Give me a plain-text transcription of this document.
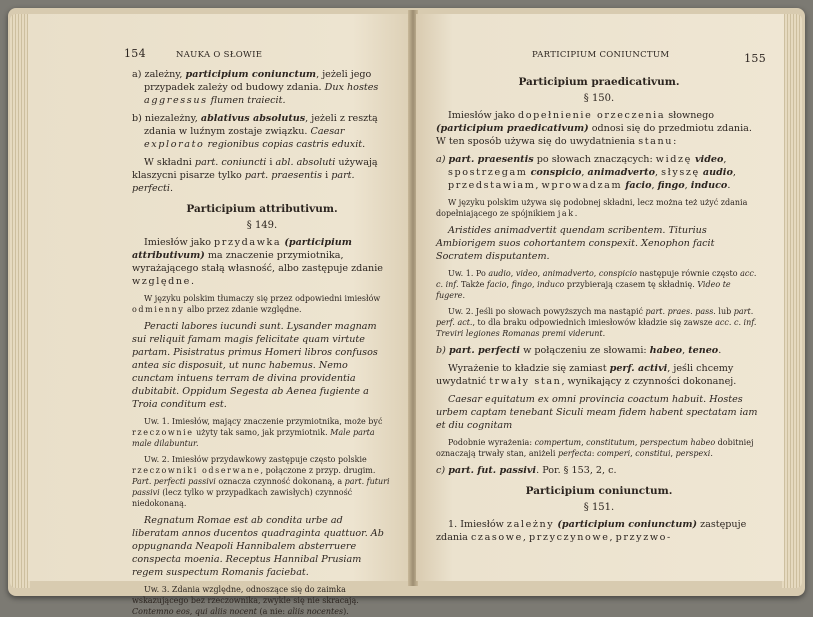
154	NAUKA O SŁOWIE

a) zależny, participium coniunctum, jeżeli jego przypadek zależy od budowy zdania. Dux hostes aggressus flumen traiecit.

b) niezależny, ablativus absolutus, jeżeli z resztą zdania w luźnym zostaje związku. Caesar explorato regionibus copias castris eduxit.

W składni part. coniuncti i abl. absoluti używają klaszycni pisarze tylko part. praesentis i part. perfecti.

Participium attributivum.
§ 149.

Imiesłów jako przydawka (participium attributivum) ma znaczenie przymiotnika, wyrażającego stałą własność, albo zastępuje zdanie względne.

W języku polskim tłumaczy się przez odpowiedni imiesłów odmienny albo przez zdanie względne.

Peracti labores iucundi sunt. Lysander magnam sui reliquit famam magis felicitate quam virtute partam. Pisistratus primus Homeri libros confusos antea sic disposuit, ut nunc habemus. Nemo cunctam intuens terram de divina providentia dubitabit. Oppidum Segesta ab Aenea fugiente a Troia conditum est.

Uw. 1. Imiesłów, mający znaczenie przymiotnika, może być rzeczownie użyty tak samo, jak przymiotnik. Male parta male dilabuntur.

Uw. 2. Imiesłów przydawkowy zastępuje często polskie rzeczowniki odserwane, połączone z przyp. drugim. Part. perfecti passivi oznacza czynność dokonaną, a part. futuri passivi (lecz tylko w przypadkach zawisłych) czynność niedokonaną.

Regnatum Romae est ab condita urbe ad liberatam annos ducentos quadraginta quattuor. Ab oppugnanda Neapoli Hannibalem absterruere conspecta moenia. Receptus Hannibal Prusiam regem suspectum Romanis faciebat.

Uw. 3. Zdania względne, odnoszące się do zaimka wskazującego bez rzeczownika, zwykle się nie skracają. Contemno eos, qui aliis nocent (a nie: aliis nocentes).

PARTICIPIUM CONIUNCTUM	155
Participium praedicativum.
§ 150.

Imiesłów jako dopełnienie orzeczenia słownego (participium praedicativum) odnosi się do przedmiotu zdania. W ten sposób używa się do uwydatnienia stanu:

a) part. praesentis po słowach znaczących: widzę video, spostrzegam conspicio, animadverto, słyszę audio, przedstawiam, wprowadzam facio, fingo, induco.

W języku polskim używa się podobnej składni, lecz można też użyć zdania dopełniającego ze spójnikiem jak.

Aristides animadvertit quendam scribentem. Titurius Ambiorigem suos cohortantem conspexit. Xenophon facit Socratem disputantem.

Uw. 1. Po audio, video, animadverto, conspicio następuje równie często acc. c. inf. Także facio, fingo, induco przybierają czasem tę składnię. Video te fugere.

Uw. 2. Jeśli po słowach powyższych ma nastąpić part. praes. pass. lub part. perf. act., to dla braku odpowiednich imiesłowów kładzie się zawsze acc. c. inf. Treviri legiones Romanas premi viderunt.

b) part. perfecti w połączeniu ze słowami: habeo, teneo.

Wyrażenie to kładzie się zamiast perf. activi, jeśli chcemy uwydatnić trwały stan, wynikający z czynności dokonanej.

Caesar equitatum ex omni provincia coactum habuit. Hostes urbem captam tenebant Siculi meam fidem habent spectatam iam et diu cognitam

Podobnie wyrażenia: compertum, constitutum, perspectum habeo dobitniej oznaczają trwały stan, aniżeli perfecta: comperi, constitui, perspexi.

c) part. fut. passivi. Por. § 153, 2, c.

Participium coniunctum.
§ 151.

1. Imiesłów zależny (participium coniunctum) zastępuje zdania czasowe, przyczynowe, przyzwo-
